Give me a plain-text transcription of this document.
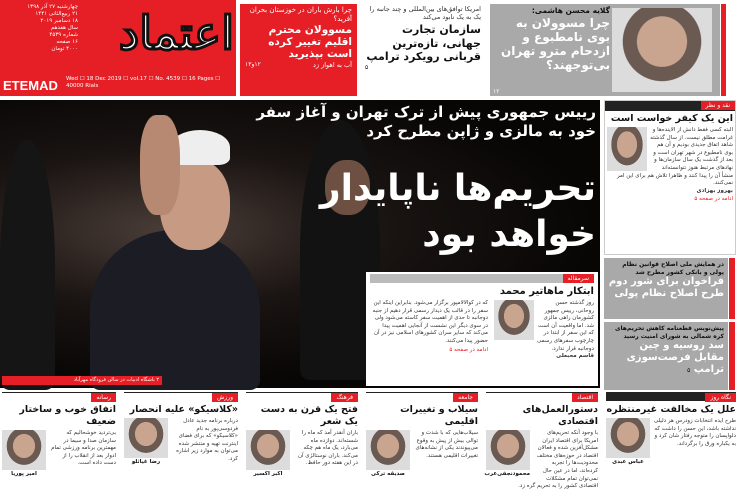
اعتماد
چهارشنبه ۲۷ آذر ۱۳۹۸
۲۱ ربیع‌الثانی ۱۴۴۱
۱۸ دسامبر ۲۰۱۹
سال هفدهم
شماره ۴۵۳۹
۱۶ صفحه
۴۰۰۰ تومان
ETEMAD Wed ☐ 18 Dec 2019 ☐ vol.17 ☐ No. 4539 ☐ 16 Pages ☐ 40000 Rials
چرا بارش باران در خوزستان بحران آفرید؟
مسوولان محترم اقلیم تغییر کرده است بپذیرید
آب به اهواز زد
۱۲و۱۳
امریکا توافق‌های بین‌المللی و چند جانبه را یک به یک نابود می‌کند
سازمان تجارت جهانی، تازه‌ترین قربانی رویکرد ترامپ
۵
گلایه محسن هاشمی:
چرا مسوولان به بوی نامطبوع و ازدحام مترو تهران بی‌توجهند؟
۱۲
رییس جمهوری پیش از ترک تهران و آغاز سفر خود به مالزی و ژاپن مطرح کرد
تحریم‌ها ناپایدار خواهد بود
۲ باشگاه ادبیات در سالن فرودگاه مهرآباد
سرمقاله
ابتکار ماهاتیر محمد
روز گذشته حسن روحانی، رییس جمهور کشورمان راهی مالزی شد. اما واقعیت آن است که این سفر از ابتدا در چارچوب سفرهای رسمی دوجانبه قرار ندارد.
قاسم محبعلی
که در کوالالامپور برگزار می‌شود. بنابراین اینکه این سفر را در قالب یک دیدار رسمی قرار دهیم از جنبه دوجانبه تا حدی از اهمیت سفر کاسته می‌شود ولی در سوی دیگر این نشست از آنجایی اهمیت پیدا می‌کند که سایر سران کشورهای اسلامی نیز در آن حضور پیدا می‌کنند.
ادامه در صفحه ۵
نقد و نظر
این یک کیفر خواست است
البته کسی فقط دانش از الاینده‌ها و غرامت مطلق نیست. از سال گذشته شاهد اتفاق جدیدی بودیم و آن هم بوی نامطبوع در شهر تهران است و بعد از گذشت یک سال سازمان‌ها و نهادهای مرتبط هنوز نتوانسته‌اند منشأ آن را پیدا کنند و ظاهرا تلاش هم برای این امر نمی‌کنند.
بهروز بهزادی
ادامه در صفحه ۵
در همایش ملی اصلاح قوانین نظام پولی و بانکی کشور مطرح شد
فراخوان برای شور دوم طرح اصلاح نظام پولی
پیش‌نویس قطعنامه کاهش تحریم‌های کره شمالی به شورای امنیت رسید
سد روسیه و چین مقابل فرصت‌سوزی ترامپ ۵
نگاه روز
علل یک مخالفت غیرمنتظره
عباس عبدی
طرح ایده انتخابات زودرس هر دلیلی نداشته باشد، این حسن را داشت که دلواپسان را متوجه رفتار شان کرد و به یکباره ورق را برگرداند.
اقتصاد
دستورالعمل‌های اقتصادی
محمودنجفی‌عرب
با وجود آنکه تحریم‌های امریکا برای اقتصاد ایران مشکل‌آفرین شده و فعالان اقتصاد در حوزه‌های مختلف محدودیت‌ها را تجربه کرده‌اند، اما در عین حال نمی‌توان تمام مشکلات اقتصادی کشور را به تحریم گره زد.
جامعه
سیلاب و تغییرات اقلیمی
صدیقه ترکی
سیلاب‌هایی که با شدت و توالی بیش از پیش به وقوع می‌پیوندند یکی از نشانه‌های تغییرات اقلیمی هستند.
فرهنگ
فتح یک قرن به دست یک شعر
اکبر اکسیر
باران آنقدر آمد که ماه را شسته‌اند. دوازده ماه می‌بارد، یک ماه هم چکه می‌کند. باران نوستالژی آن در این هفته دور حافظ.
ورزش
«کلاسیکو» علیه انحصار
رضا غیاثلو
درباره برنامه جدید عادل فردوسی‌پور به نام «کلاسیکو» که برای فضای اینترنت تهیه و منتشر شده می‌توان به موارد زیر اشاره کرد.
رسانه
اتفاق خوب و ساختار ضعیف
امیر پوریا
بی‌تردید خوشحالیم که سازمان صدا و سیما در مهمترین برنامه ورزشی تمام ادوار بعد از انقلاب را از دست داده است.
